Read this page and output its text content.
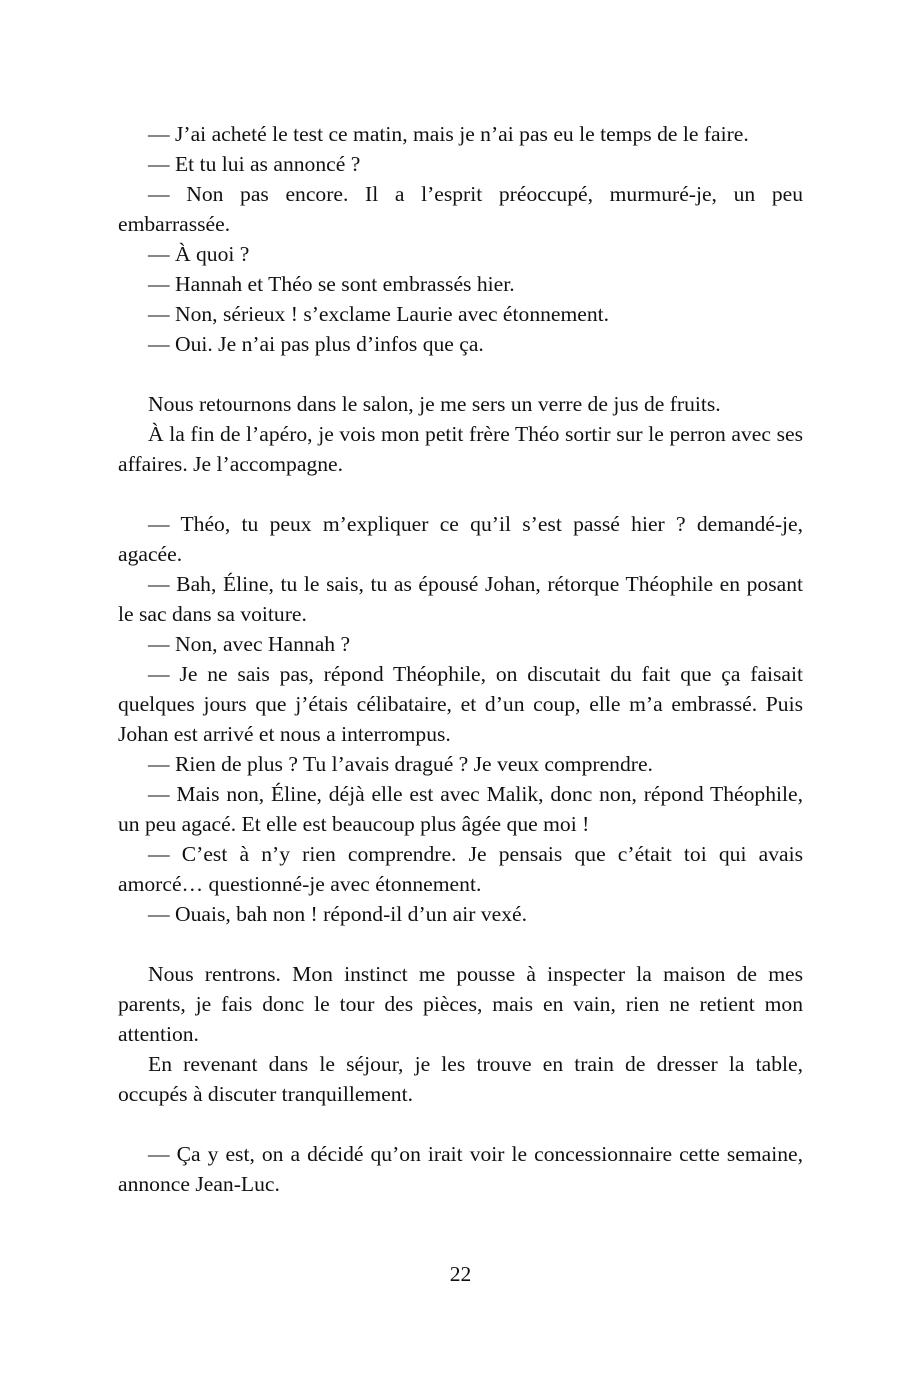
— J’ai acheté le test ce matin, mais je n’ai pas eu le temps de le faire.

— Et tu lui as annoncé ?

— Non pas encore. Il a l’esprit préoccupé, murmuré-je, un peu embarrassée.

— À quoi ?

— Hannah et Théo se sont embrassés hier.

— Non, sérieux ! s’exclame Laurie avec étonnement.

— Oui. Je n’ai pas plus d’infos que ça.

Nous retournons dans le salon, je me sers un verre de jus de fruits.

À la fin de l’apéro, je vois mon petit frère Théo sortir sur le perron avec ses affaires. Je l’accompagne.

— Théo, tu peux m’expliquer ce qu’il s’est passé hier ? demandé-je, agacée.

— Bah, Éline, tu le sais, tu as épousé Johan, rétorque Théophile en posant le sac dans sa voiture.

— Non, avec Hannah ?

— Je ne sais pas, répond Théophile, on discutait du fait que ça faisait quelques jours que j’étais célibataire, et d’un coup, elle m’a embrassé. Puis Johan est arrivé et nous a interrompus.

— Rien de plus ? Tu l’avais dragué ? Je veux comprendre.

— Mais non, Éline, déjà elle est avec Malik, donc non, répond Théophile, un peu agacé. Et elle est beaucoup plus âgée que moi !

— C’est à n’y rien comprendre. Je pensais que c’était toi qui avais amorcé… questionné-je avec étonnement.

— Ouais, bah non ! répond-il d’un air vexé.

Nous rentrons. Mon instinct me pousse à inspecter la maison de mes parents, je fais donc le tour des pièces, mais en vain, rien ne retient mon attention.

En revenant dans le séjour, je les trouve en train de dresser la table, occupés à discuter tranquillement.

— Ça y est, on a décidé qu’on irait voir le concessionnaire cette semaine, annonce Jean-Luc.

22
